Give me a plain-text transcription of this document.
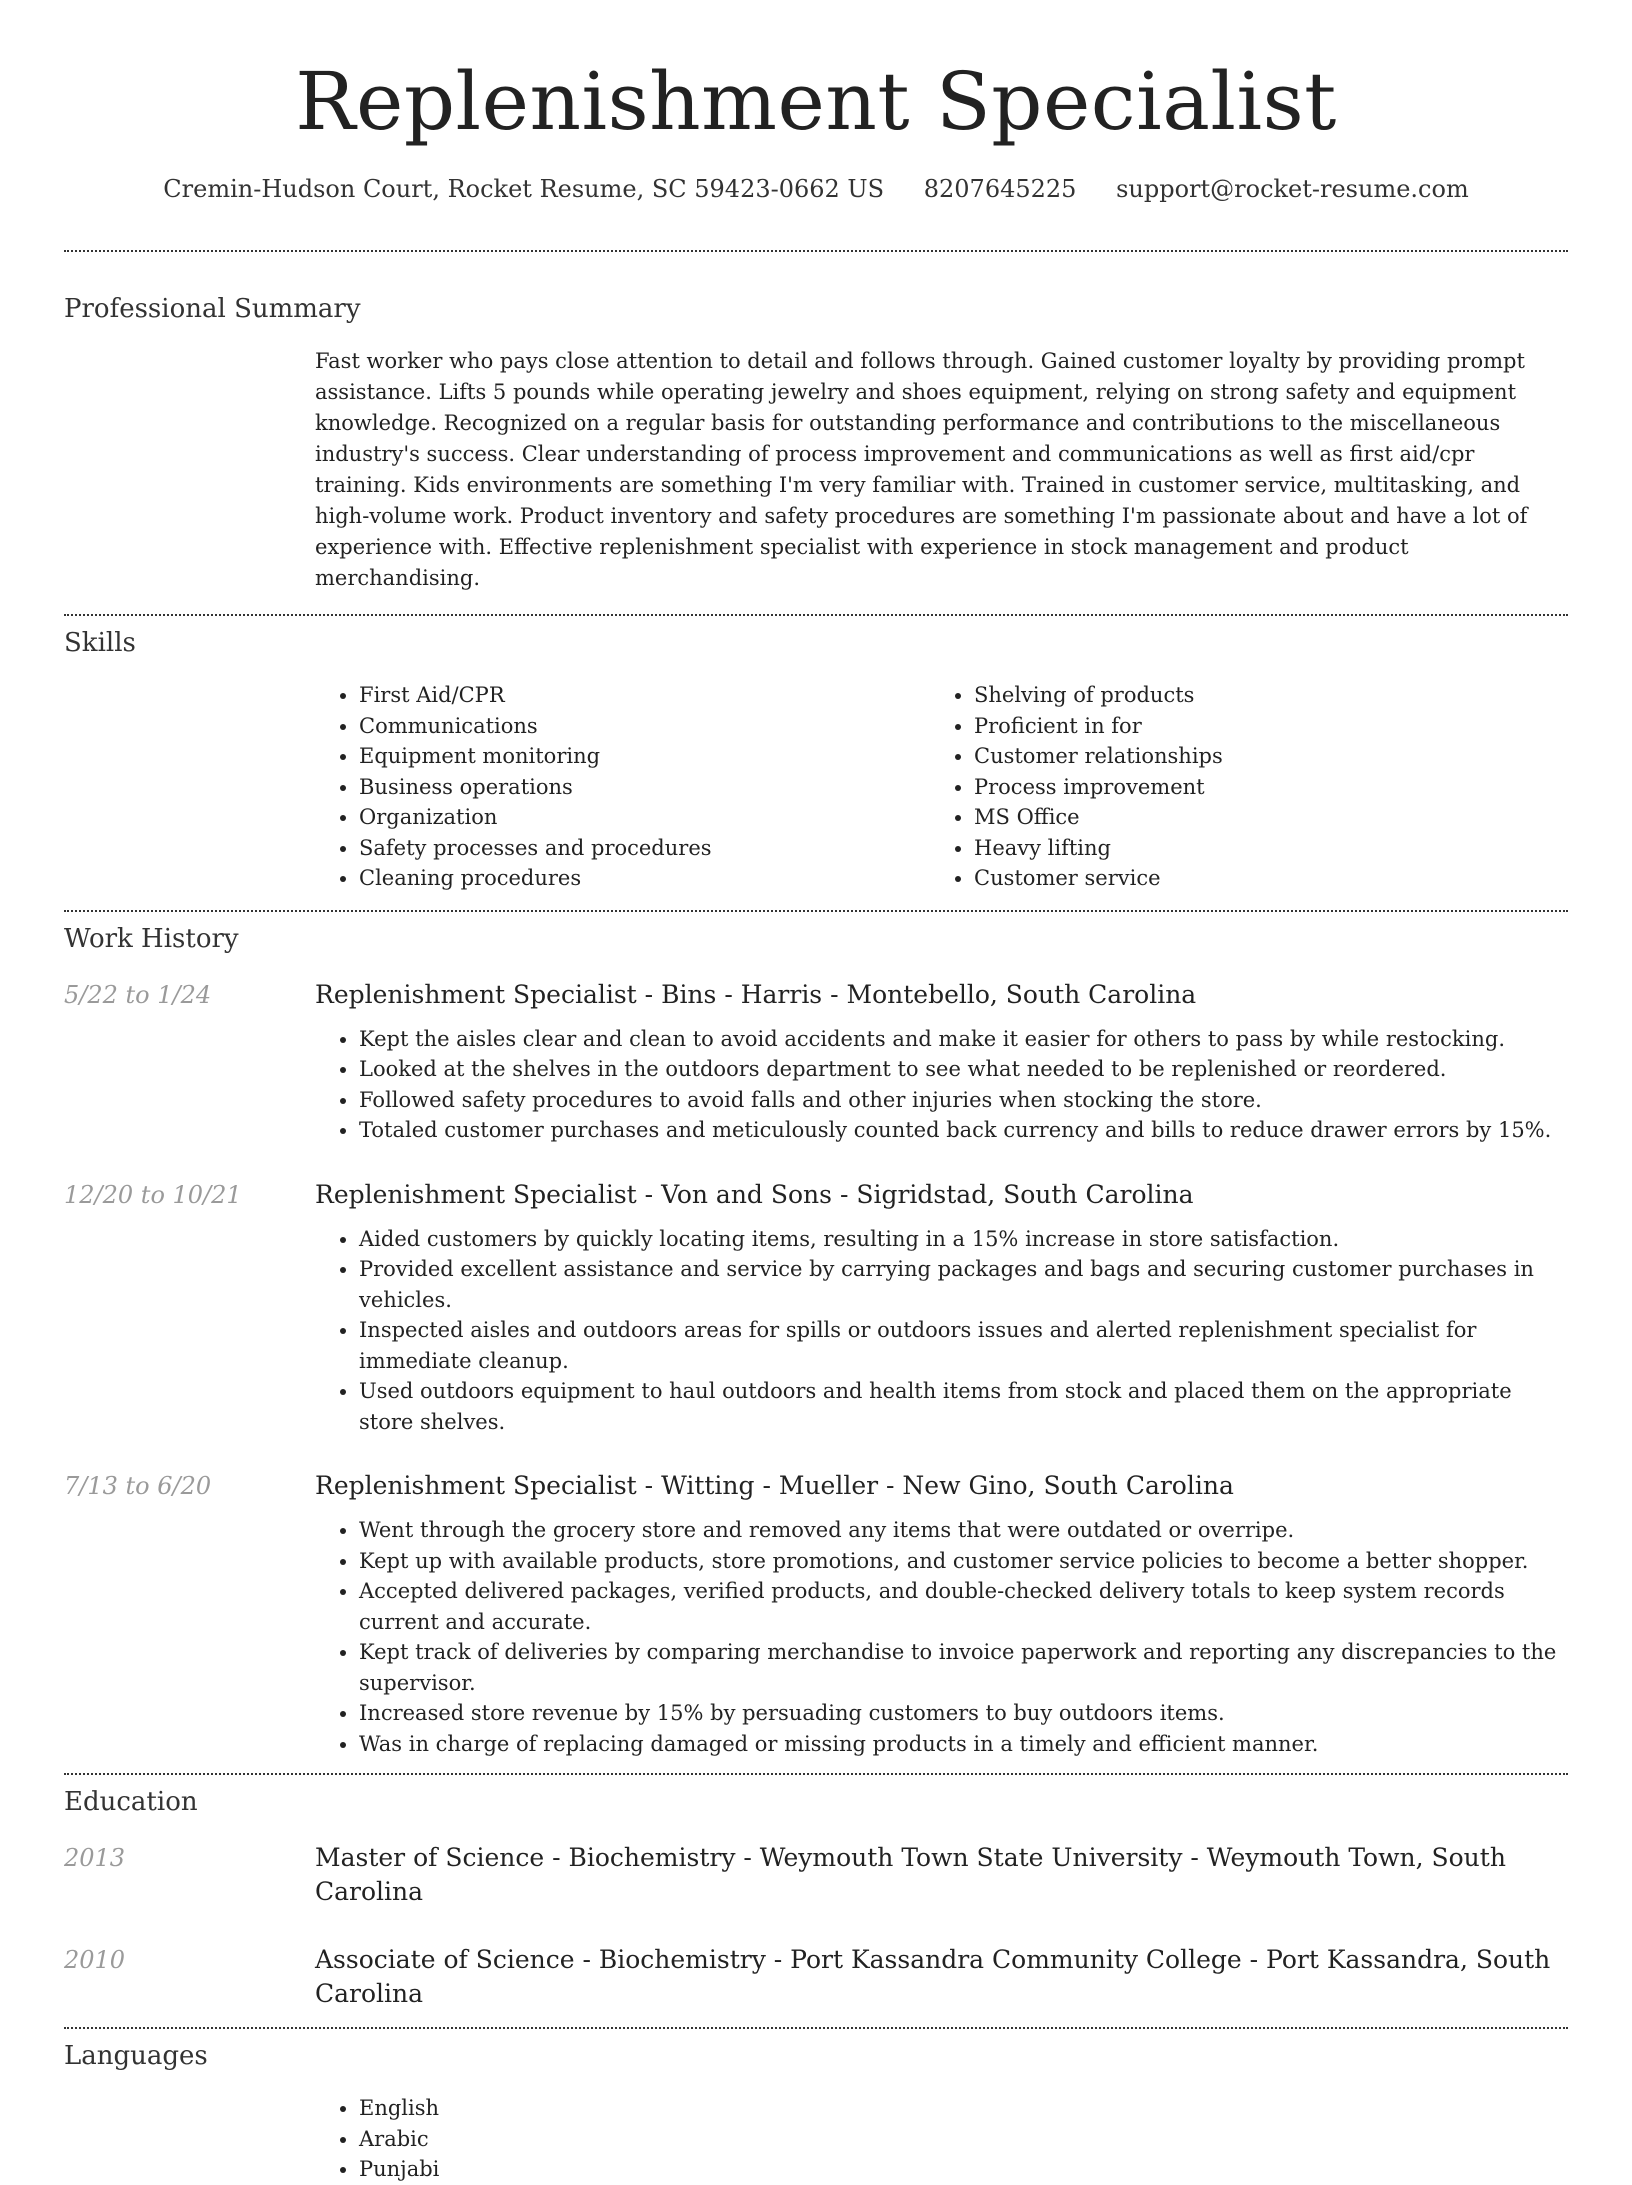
Replenishment Specialist
Cremin-Hudson Court, Rocket Resume, SC 59423-0662 US 8207645225 support@rocket-resume.com
Professional Summary
Fast worker who pays close attention to detail and follows through. Gained customer loyalty by providing prompt assistance. Lifts 5 pounds while operating jewelry and shoes equipment, relying on strong safety and equipment knowledge. Recognized on a regular basis for outstanding performance and contributions to the miscellaneous industry's success. Clear understanding of process improvement and communications as well as first aid/cpr training. Kids environments are something I'm very familiar with. Trained in customer service, multitasking, and high-volume work. Product inventory and safety procedures are something I'm passionate about and have a lot of experience with. Effective replenishment specialist with experience in stock management and product merchandising.
Skills
• First Aid/CPR
• Communications
• Equipment monitoring
• Business operations
• Organization
• Safety processes and procedures
• Cleaning procedures
• Shelving of products
• Proficient in for
• Customer relationships
• Process improvement
• MS Office
• Heavy lifting
• Customer service
Work History
5/22 to 1/24	Replenishment Specialist - Bins - Harris - Montebello, South Carolina
• Kept the aisles clear and clean to avoid accidents and make it easier for others to pass by while restocking.
• Looked at the shelves in the outdoors department to see what needed to be replenished or reordered.
• Followed safety procedures to avoid falls and other injuries when stocking the store.
• Totaled customer purchases and meticulously counted back currency and bills to reduce drawer errors by 15%.
12/20 to 10/21	Replenishment Specialist - Von and Sons - Sigridstad, South Carolina
• Aided customers by quickly locating items, resulting in a 15% increase in store satisfaction.
• Provided excellent assistance and service by carrying packages and bags and securing customer purchases in vehicles.
• Inspected aisles and outdoors areas for spills or outdoors issues and alerted replenishment specialist for immediate cleanup.
• Used outdoors equipment to haul outdoors and health items from stock and placed them on the appropriate store shelves.
7/13 to 6/20	Replenishment Specialist - Witting - Mueller - New Gino, South Carolina
• Went through the grocery store and removed any items that were outdated or overripe.
• Kept up with available products, store promotions, and customer service policies to become a better shopper.
• Accepted delivered packages, verified products, and double-checked delivery totals to keep system records current and accurate.
• Kept track of deliveries by comparing merchandise to invoice paperwork and reporting any discrepancies to the supervisor.
• Increased store revenue by 15% by persuading customers to buy outdoors items.
• Was in charge of replacing damaged or missing products in a timely and efficient manner.
Education
2013	Master of Science - Biochemistry - Weymouth Town State University - Weymouth Town, South Carolina
2010	Associate of Science - Biochemistry - Port Kassandra Community College - Port Kassandra, South Carolina
Languages
• English
• Arabic
• Punjabi
